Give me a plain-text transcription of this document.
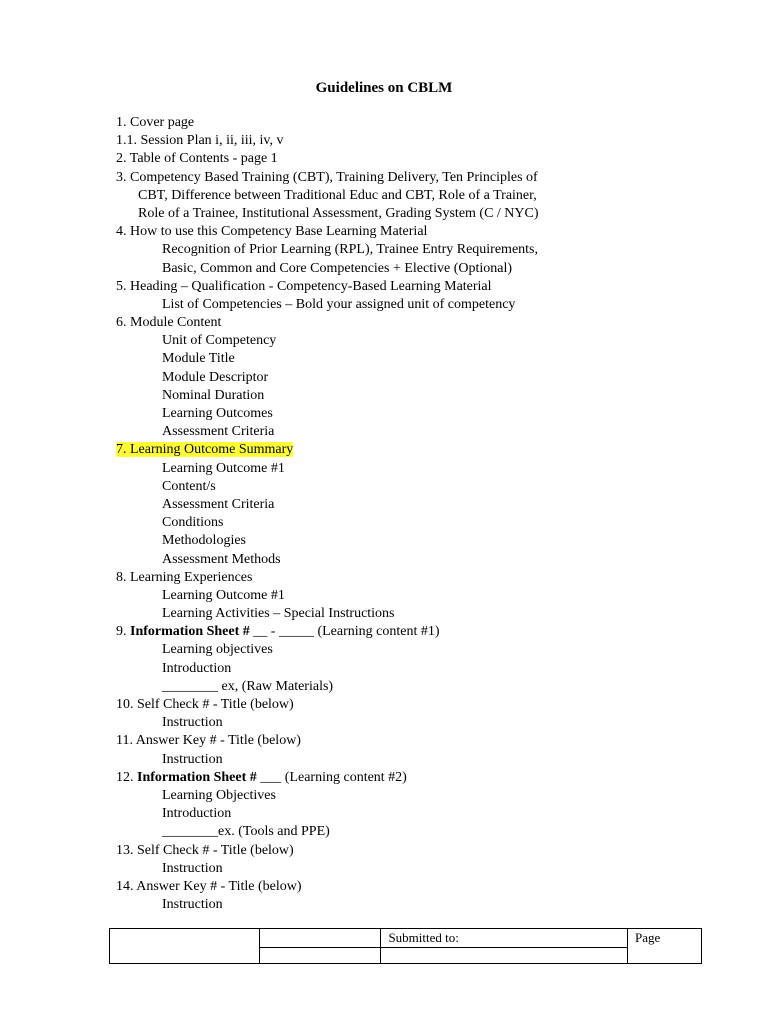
Guidelines on CBLM
1. Cover page
1.1. Session Plan i, ii, iii, iv, v
2. Table of Contents - page 1
3. Competency Based Training (CBT), Training Delivery, Ten Principles of
CBT, Difference between Traditional Educ and CBT, Role of a Trainer,
Role of a Trainee, Institutional Assessment, Grading System (C / NYC)
4. How to use this Competency Base Learning Material
Recognition of Prior Learning (RPL), Trainee Entry Requirements,
Basic, Common and Core Competencies + Elective (Optional)
5. Heading – Qualification - Competency-Based Learning Material
List of Competencies – Bold your assigned unit of competency
6. Module Content
Unit of Competency
Module Title
Module Descriptor
Nominal Duration
Learning Outcomes
Assessment Criteria
7. Learning Outcome Summary
Learning Outcome #1
Content/s
Assessment Criteria
Conditions
Methodologies
Assessment Methods
8. Learning Experiences
Learning Outcome #1
Learning Activities – Special Instructions
9. Information Sheet # __ - _____ (Learning content #1)
Learning objectives
Introduction
________ ex, (Raw Materials)
10. Self Check # - Title (below)
Instruction
11. Answer Key # - Title (below)
Instruction
12. Information Sheet # ___ (Learning content #2)
Learning Objectives
Introduction
________ex. (Tools and PPE)
13. Self Check # - Title (below)
Instruction
14. Answer Key # - Title (below)
Instruction
		Submitted to:	Page
